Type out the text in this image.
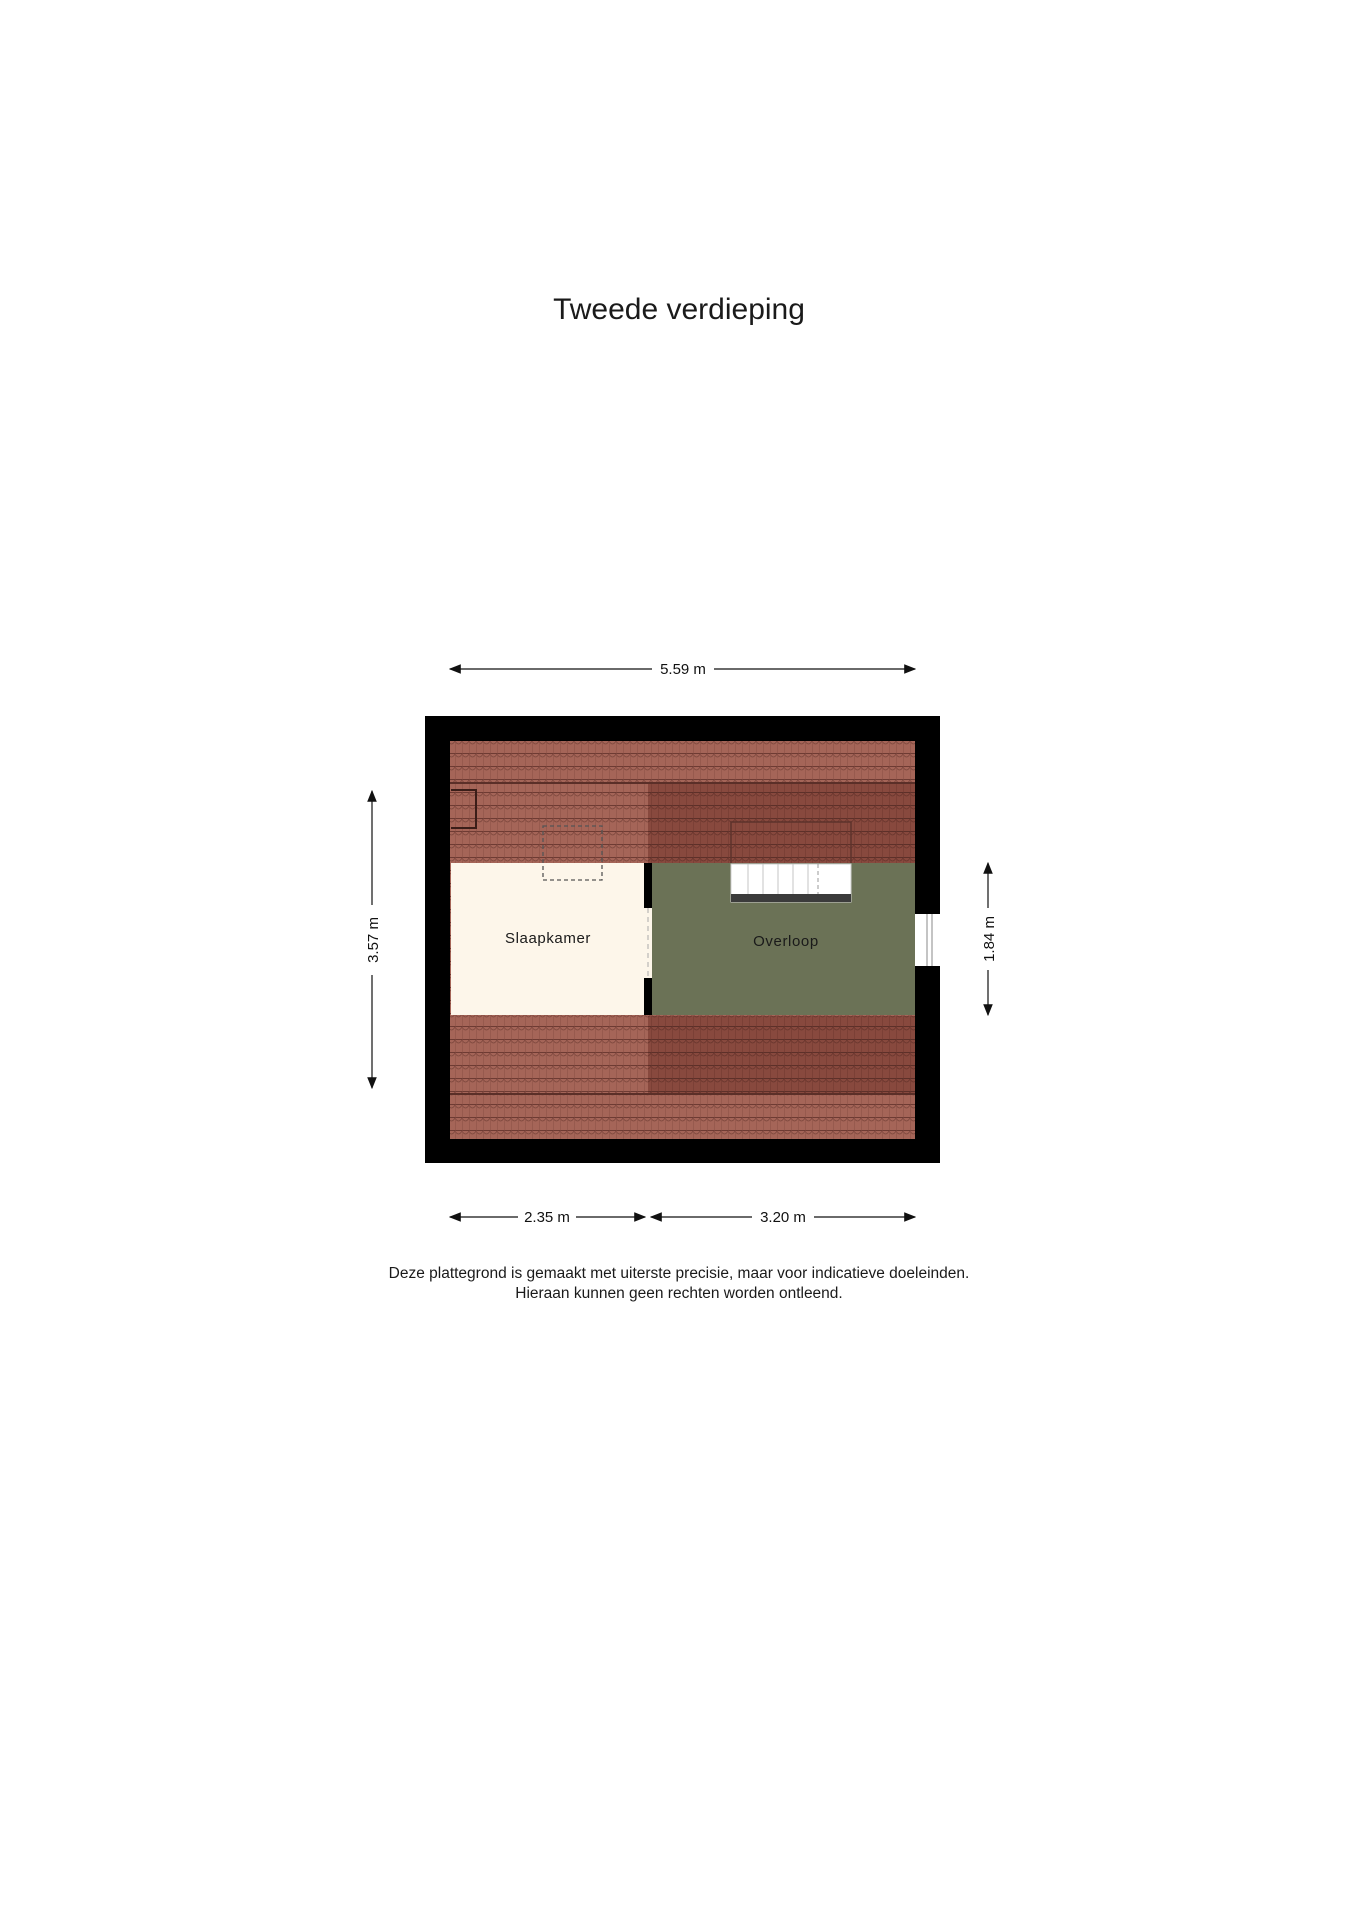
Tweede verdieping
Slaapkamer	Overloop
5.59 m
3.57 m	1.84 m
2.35 m	3.20 m
Deze plattegrond is gemaakt met uiterste precisie, maar voor indicatieve doeleinden.
Hieraan kunnen geen rechten worden ontleend.
